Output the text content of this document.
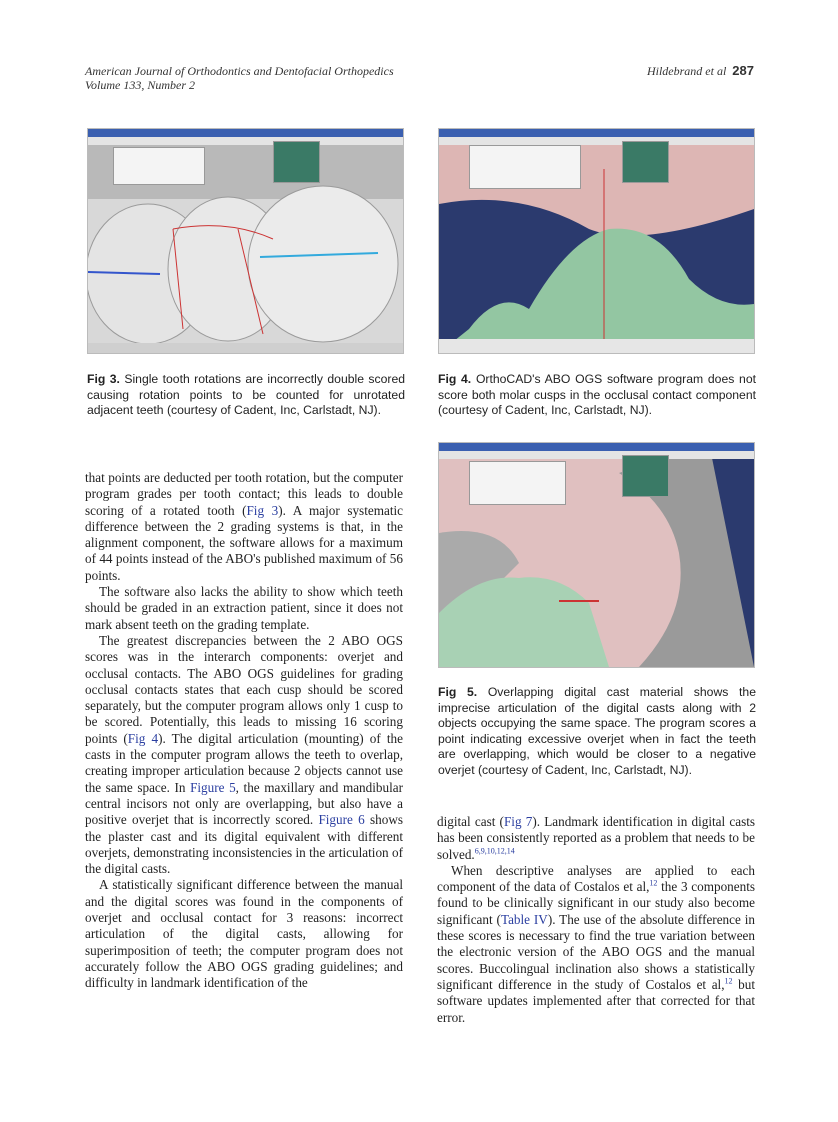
American Journal of Orthodontics and Dentofacial Orthopedics
Volume 133, Number 2
Hildebrand et al 287
Fig 3. Single tooth rotations are incorrectly double scored causing rotation points to be counted for unrotated adjacent teeth (courtesy of Cadent, Inc, Carlstadt, NJ).
Fig 4. OrthoCAD's ABO OGS software program does not score both molar cusps in the occlusal contact component (courtesy of Cadent, Inc, Carlstadt, NJ).
Fig 5. Overlapping digital cast material shows the imprecise articulation of the digital casts along with 2 objects occupying the same space. The program scores a point indicating excessive overjet when in fact the teeth are overlapping, which would be closer to a negative overjet (courtesy of Cadent, Inc, Carlstadt, NJ).

that points are deducted per tooth rotation, but the computer program grades per tooth contact; this leads to double scoring of a rotated tooth (Fig 3). A major systematic difference between the 2 grading systems is that, in the alignment component, the software allows for a maximum of 44 points instead of the ABO's published maximum of 56 points.

The software also lacks the ability to show which teeth should be graded in an extraction patient, since it does not mark absent teeth on the grading template.

The greatest discrepancies between the 2 ABO OGS scores was in the interarch components: overjet and occlusal contacts. The ABO OGS guidelines for grading occlusal contacts states that each cusp should be scored separately, but the computer program allows only 1 cusp to be scored. Potentially, this leads to missing 16 scoring points (Fig 4). The digital articulation (mounting) of the casts in the computer program allows the teeth to overlap, creating improper articulation because 2 objects cannot use the same space. In Figure 5, the maxillary and mandibular central incisors not only are overlapping, but also have a positive overjet that is incorrectly scored. Figure 6 shows the plaster cast and its digital equivalent with different overjets, demonstrating inconsistencies in the articulation of the digital casts.

A statistically significant difference between the manual and the digital scores was found in the components of overjet and occlusal contact for 3 reasons: incorrect articulation of the digital casts, allowing for superimposition of teeth; the computer program does not accurately follow the ABO OGS grading guidelines; and difficulty in landmark identification of the

digital cast (Fig 7). Landmark identification in digital casts has been consistently reported as a problem that needs to be solved.$^{6,9,10,12,14}$

When descriptive analyses are applied to each component of the data of Costalos et al,$^{12}$ the 3 components found to be clinically significant in our study also become significant (Table IV). The use of the absolute difference in these scores is necessary to find the true variation between the electronic version of the ABO OGS and the manual scores. Buccolingual inclination also shows a statistically significant difference in the study of Costalos et al,$^{12}$ but software updates implemented after that corrected for that error.
